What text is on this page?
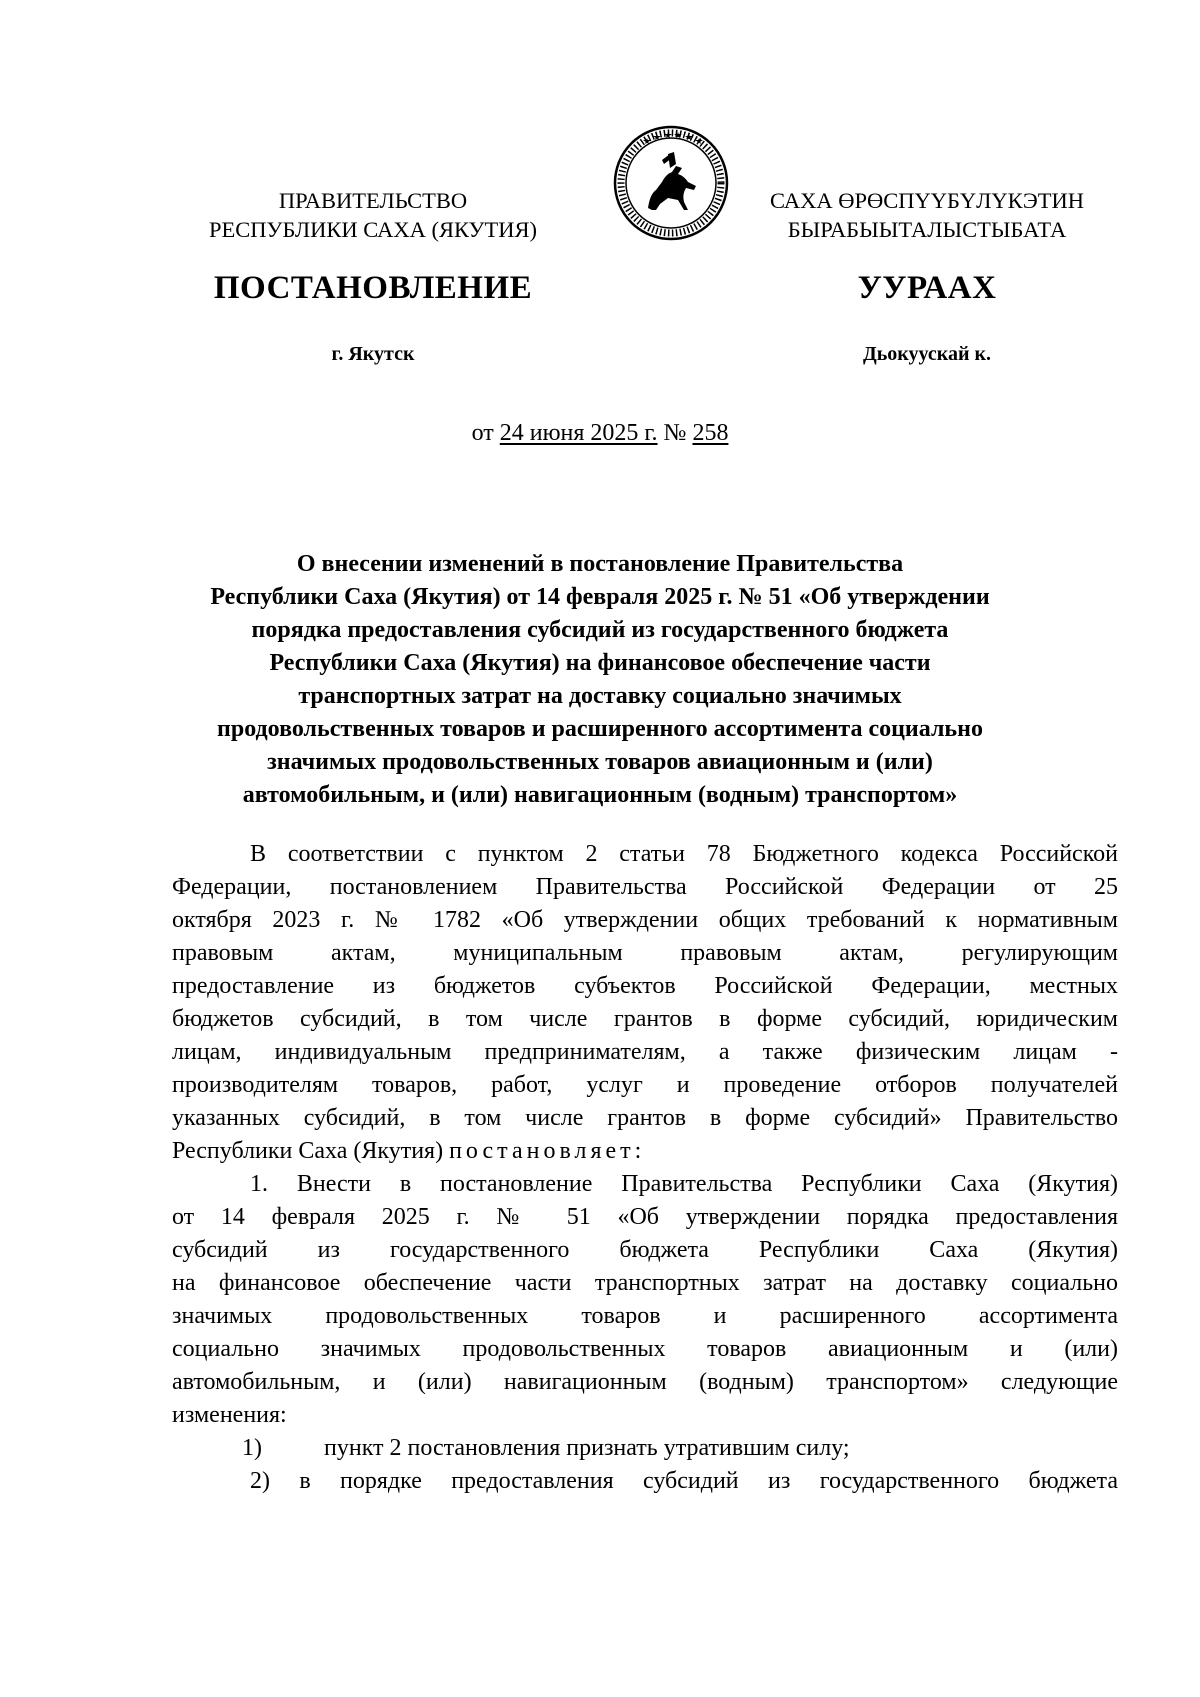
ПРАВИТЕЛЬСТВО
РЕСПУБЛИКИ САХА (ЯКУТИЯ)
САХА ӨРӨСПҮҮБҮЛҮКЭТИН
БЫРАБЫЫТАЛЫСТЫБАТА
ПОСТАНОВЛЕНИЕ	УУРААХ
г. Якутск	Дьокуускай к.
от 24 июня 2025 г. № 258
О внесении изменений в постановление Правительства
Республики Саха (Якутия) от 14 февраля 2025 г. № 51 «Об утверждении
порядка предоставления субсидий из государственного бюджета
Республики Саха (Якутия) на финансовое обеспечение части
транспортных затрат на доставку социально значимых
продовольственных товаров и расширенного ассортимента социально
значимых продовольственных товаров авиационным и (или)
автомобильным, и (или) навигационным (водным) транспортом»
В соответствии с пунктом 2 статьи 78 Бюджетного кодекса Российской
Федерации, постановлением Правительства Российской Федерации от 25
октября 2023 г. № 1782 «Об утверждении общих требований к нормативным
правовым актам, муниципальным правовым актам, регулирующим
предоставление из бюджетов субъектов Российской Федерации, местных
бюджетов субсидий, в том числе грантов в форме субсидий, юридическим
лицам, индивидуальным предпринимателям, а также физическим лицам -
производителям товаров, работ, услуг и проведение отборов получателей
указанных субсидий, в том числе грантов в форме субсидий» Правительство
Республики Саха (Якутия) постановляет:
1. Внести в постановление Правительства Республики Саха (Якутия)
от 14 февраля 2025 г. № 51 «Об утверждении порядка предоставления
субсидий из государственного бюджета Республики Саха (Якутия)
на финансовое обеспечение части транспортных затрат на доставку социально
значимых продовольственных товаров и расширенного ассортимента
социально значимых продовольственных товаров авиационным и (или)
автомобильным, и (или) навигационным (водным) транспортом» следующие
изменения:
1)	пункт 2 постановления признать утратившим силу;
2) в порядке предоставления субсидий из государственного бюджета
